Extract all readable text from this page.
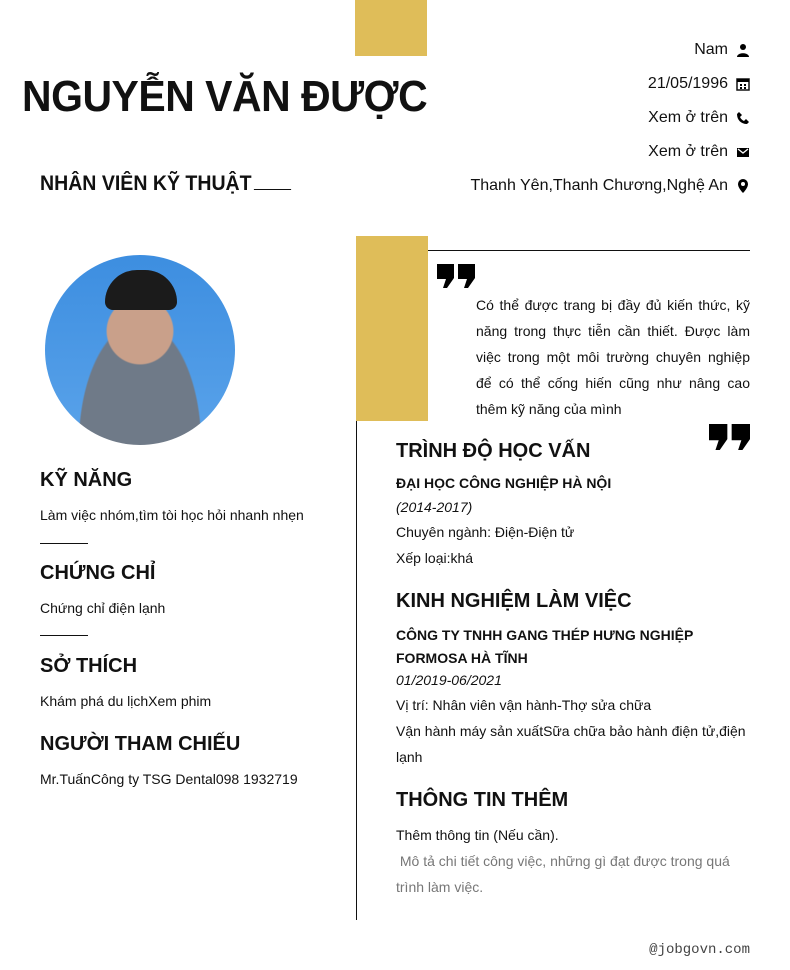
NGUYỄN VĂN ĐƯỢC
NHÂN VIÊN KỸ THUẬT
Nam
21/05/1996
Xem ở trên
Xem ở trên
Thanh Yên,Thanh Chương,Nghệ An
Có thể được trang bị đầy đủ kiến thức, kỹ năng trong thực tiễn cần thiết. Được làm việc trong một môi trường chuyên nghiệp để có thể cống hiến cũng như nâng cao thêm kỹ năng của mình
KỸ NĂNG
Làm việc nhóm,tìm tòi học hỏi nhanh nhẹn
CHỨNG CHỈ
Chứng chỉ điện lạnh
SỞ THÍCH
Khám phá du lịchXem phim
NGƯỜI THAM CHIẾU
Mr.TuấnCông ty TSG Dental098 1932719
TRÌNH ĐỘ HỌC VẤN
ĐẠI HỌC CÔNG NGHIỆP HÀ NỘI
(2014-2017)
Chuyên ngành: Điện-Điện tử
Xếp loại:khá
KINH NGHIỆM LÀM VIỆC
CÔNG TY TNHH GANG THÉP HƯNG NGHIỆP FORMOSA HÀ TĨNH
01/2019-06/2021
Vị trí: Nhân viên vận hành-Thợ sửa chữa
Vận hành máy sản xuấtSữa chữa bảo hành điện tử,điện lạnh
THÔNG TIN THÊM
Thêm thông tin (Nếu cần).
Mô tả chi tiết công việc, những gì đạt được trong quá trình làm việc.
@jobgovn.com
